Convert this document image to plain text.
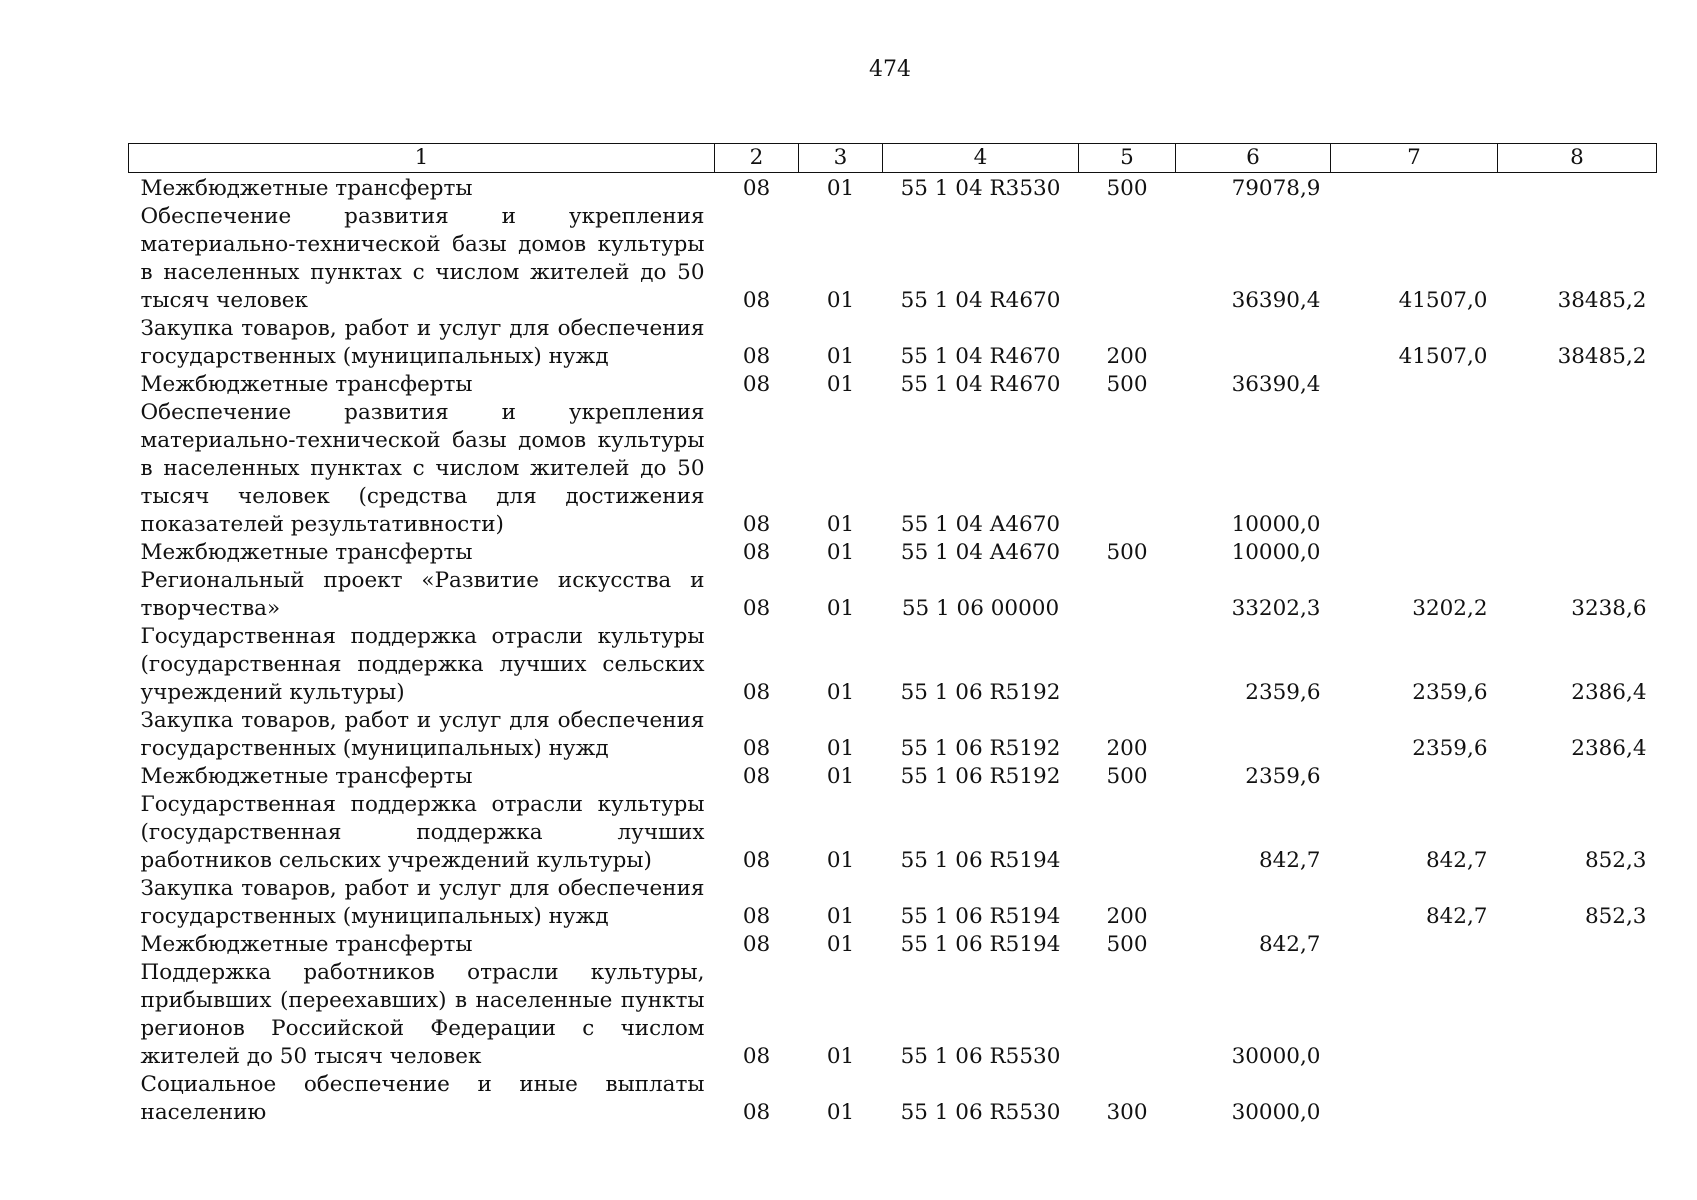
474
1	2	3	4	5	6	7	8
Межбюджетные трансферты	08	01	55 1 04 R3530	500	79078,9		
Обеспечение развития и укрепления материально-технической базы домов культуры в населенных пунктах с числом жителей до 50 тысяч человек	08	01	55 1 04 R4670		36390,4	41507,0	38485,2
Закупка товаров, работ и услуг для обеспечения государственных (муниципальных) нужд	08	01	55 1 04 R4670	200		41507,0	38485,2
Межбюджетные трансферты	08	01	55 1 04 R4670	500	36390,4		
Обеспечение развития и укрепления материально-технической базы домов культуры в населенных пунктах с числом жителей до 50 тысяч человек (средства для достижения показателей результативности)	08	01	55 1 04 A4670		10000,0		
Межбюджетные трансферты	08	01	55 1 04 A4670	500	10000,0		
Региональный проект «Развитие искусства и творчества»	08	01	55 1 06 00000		33202,3	3202,2	3238,6
Государственная поддержка отрасли культуры (государственная поддержка лучших сельских учреждений культуры)	08	01	55 1 06 R5192		2359,6	2359,6	2386,4
Закупка товаров, работ и услуг для обеспечения государственных (муниципальных) нужд	08	01	55 1 06 R5192	200		2359,6	2386,4
Межбюджетные трансферты	08	01	55 1 06 R5192	500	2359,6		
Государственная поддержка отрасли культуры (государственная поддержка лучших работников сельских учреждений культуры)	08	01	55 1 06 R5194		842,7	842,7	852,3
Закупка товаров, работ и услуг для обеспечения государственных (муниципальных) нужд	08	01	55 1 06 R5194	200		842,7	852,3
Межбюджетные трансферты	08	01	55 1 06 R5194	500	842,7		
Поддержка работников отрасли культуры, прибывших (переехавших) в населенные пункты регионов Российской Федерации с числом жителей до 50 тысяч человек	08	01	55 1 06 R5530		30000,0		
Социальное обеспечение и иные выплаты населению	08	01	55 1 06 R5530	300	30000,0		
